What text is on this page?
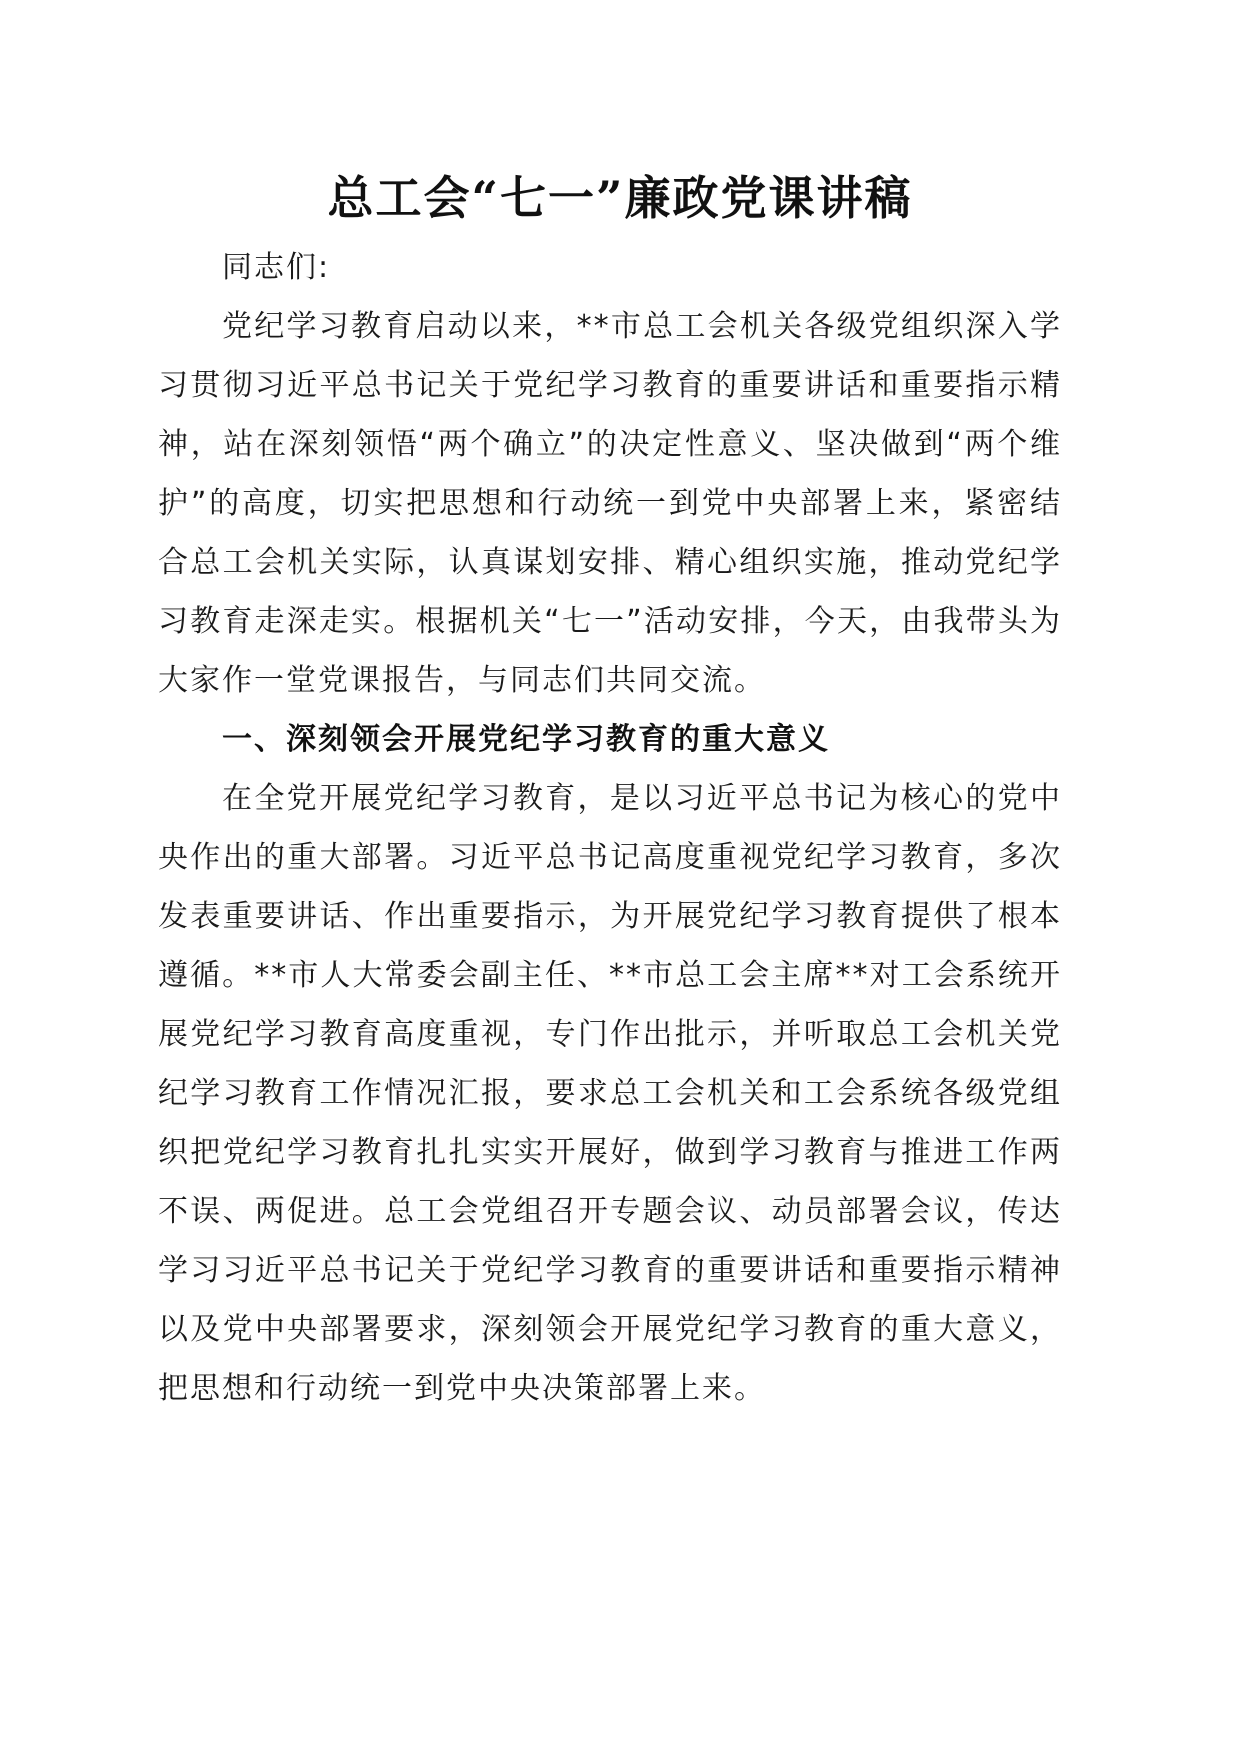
总工会“七一”廉政党课讲稿

同志们:

党纪学习教育启动以来，**市总工会机关各级党组织深入学习贯彻习近平总书记关于党纪学习教育的重要讲话和重要指示精神，站在深刻领悟“两个确立”的决定性意义、坚决做到“两个维护”的高度，切实把思想和行动统一到党中央部署上来，紧密结合总工会机关实际，认真谋划安排、精心组织实施，推动党纪学习教育走深走实。根据机关“七一”活动安排，今天，由我带头为大家作一堂党课报告，与同志们共同交流。

一、深刻领会开展党纪学习教育的重大意义

在全党开展党纪学习教育，是以习近平总书记为核心的党中央作出的重大部署。习近平总书记高度重视党纪学习教育，多次发表重要讲话、作出重要指示，为开展党纪学习教育提供了根本遵循。**市人大常委会副主任、**市总工会主席**对工会系统开展党纪学习教育高度重视，专门作出批示，并听取总工会机关党纪学习教育工作情况汇报，要求总工会机关和工会系统各级党组织把党纪学习教育扎扎实实开展好，做到学习教育与推进工作两不误、两促进。总工会党组召开专题会议、动员部署会议，传达学习习近平总书记关于党纪学习教育的重要讲话和重要指示精神以及党中央部署要求，深刻领会开展党纪学习教育的重大意义，把思想和行动统一到党中央决策部署上来。
